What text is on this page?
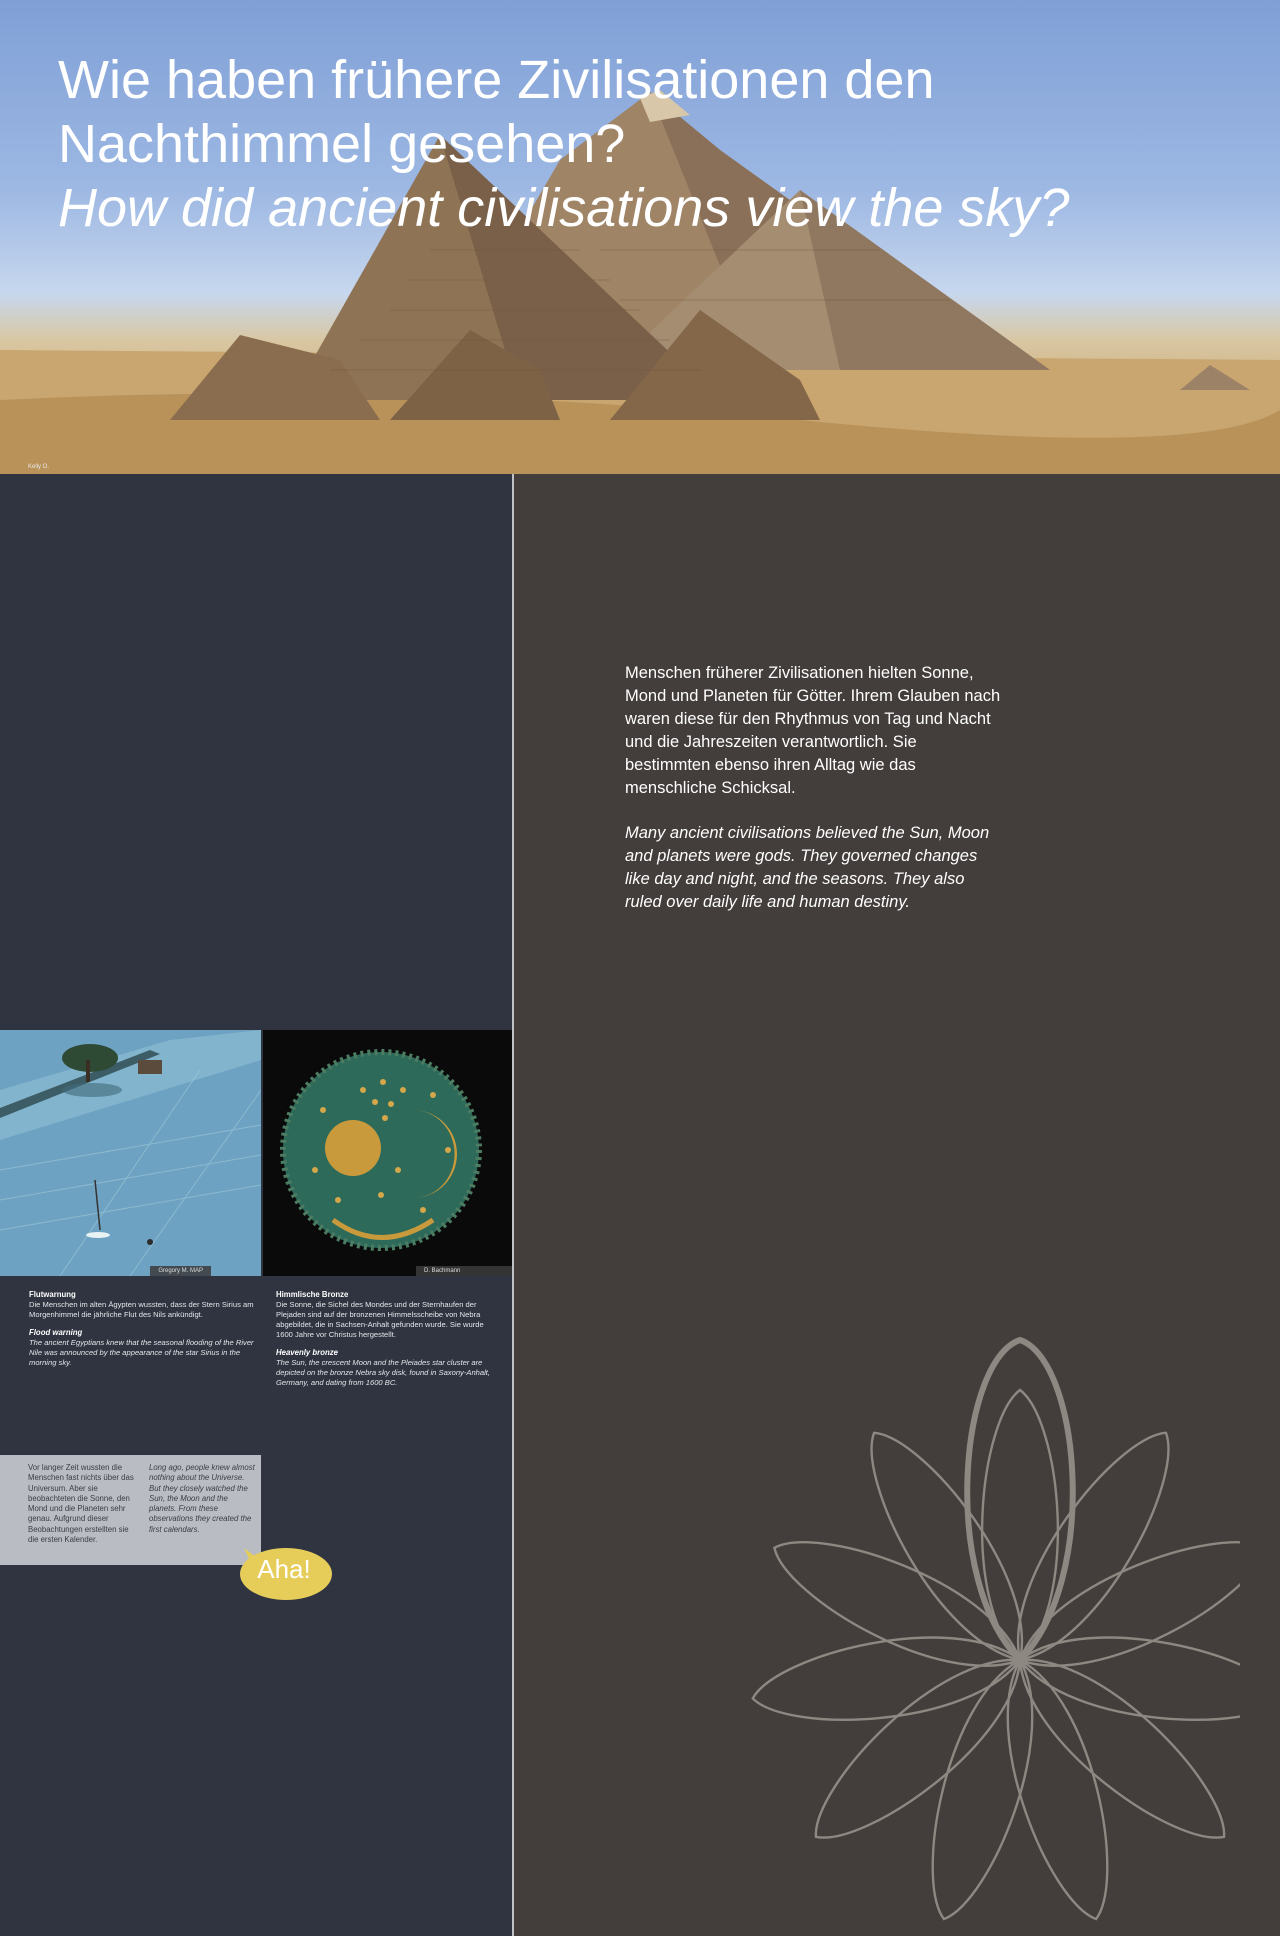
Wie haben frühere Zivilisationen den Nachthimmel gesehen?
How did ancient civilisations view the sky?
Kelly O.

Menschen früherer Zivilisationen hielten Sonne, Mond und Planeten für Götter. Ihrem Glauben nach waren diese für den Rhythmus von Tag und Nacht und die Jahreszeiten verantwortlich. Sie bestimmten ebenso ihren Alltag wie das menschliche Schicksal.

Many ancient civilisations believed the Sun, Moon and planets were gods. They governed changes like day and night, and the seasons. They also ruled over daily life and human destiny.

Gregory M. MAP	D. Bachmann
Flutwarnung

Die Menschen im alten Ägypten wussten, dass der Stern Sirius am Morgenhimmel die jährliche Flut des Nils ankündigt.

Flood warning

The ancient Egyptians knew that the seasonal flooding of the River Nile was announced by the appearance of the star Sirius in the morning sky.

Himmlische Bronze

Die Sonne, die Sichel des Mondes und der Sternhaufen der Plejaden sind auf der bronzenen Himmelsscheibe von Nebra abgebildet, die in Sachsen-Anhalt gefunden wurde. Sie wurde 1600 Jahre vor Christus hergestellt.

Heavenly bronze

The Sun, the crescent Moon and the Pleiades star cluster are depicted on the bronze Nebra sky disk, found in Saxony-Anhalt, Germany, and dating from 1600 BC.

Vor langer Zeit wussten die Menschen fast nichts über das Universum. Aber sie beobachteten die Sonne, den Mond und die Planeten sehr genau. Aufgrund dieser Beobachtungen erstellten sie die ersten Kalender.
Long ago, people knew almost nothing about the Universe. But they closely watched the Sun, the Moon and the planets. From these observations they created the first calendars.
Aha!
